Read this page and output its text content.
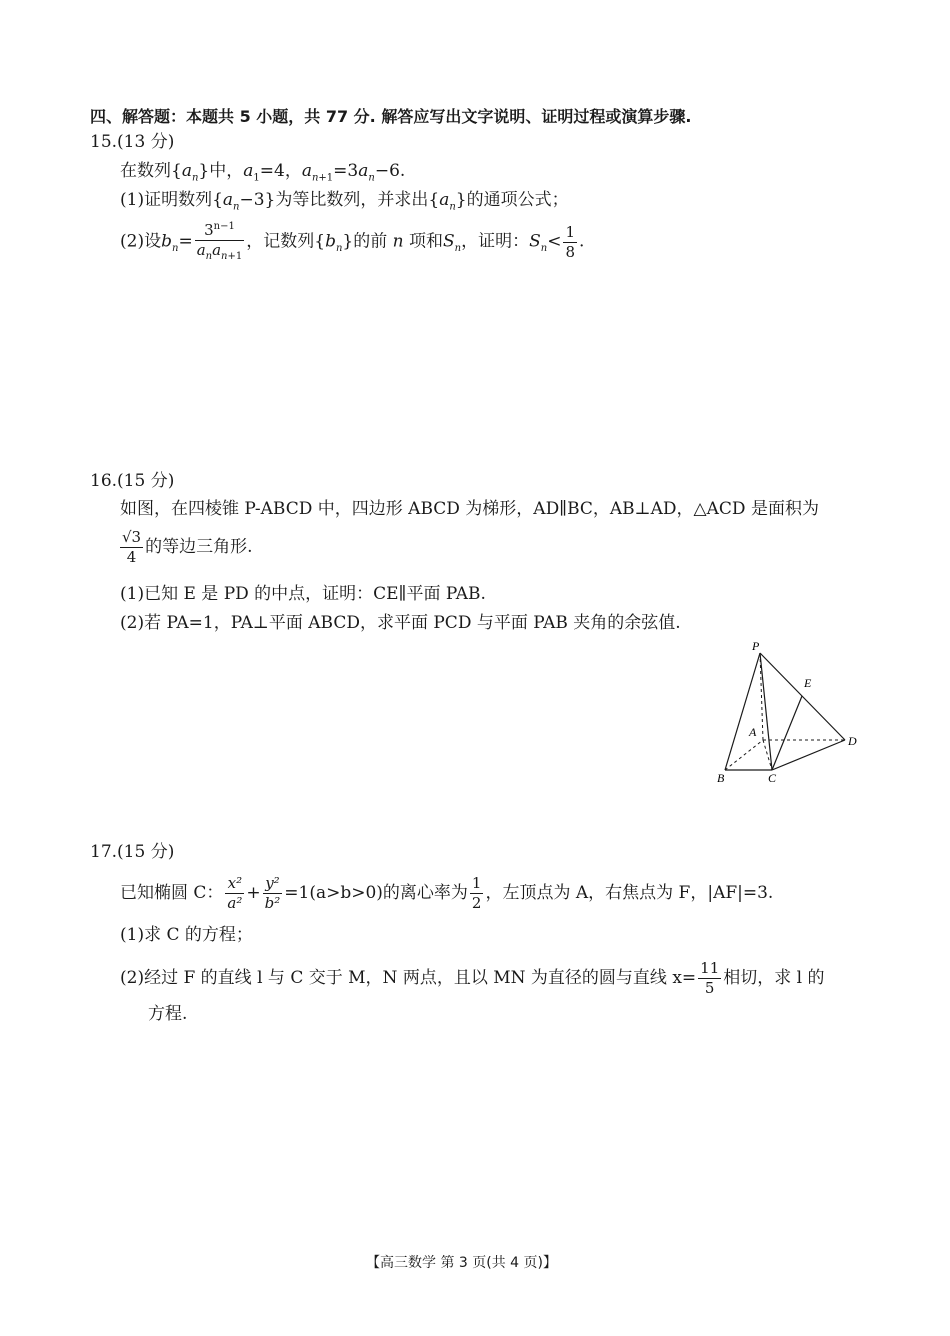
四、解答题：本题共 5 小题，共 77 分. 解答应写出文字说明、证明过程或演算步骤.
15.(13 分)
在数列$\{a_n\}$中，$a_1=4$，$a_{n+1}=3a_n-6$.
(1)证明数列$\{a_n-3\}$为等比数列，并求出$\{a_n\}$的通项公式；
(2)设$b_n= \frac{3^{n-1}}{a_na_{n+1}}$ ，记数列$\{b_n\}$的前 n 项和$S_n$，证明：$S_n< \frac{1}{8}$ .
16.(15 分)
如图，在四棱锥 P-ABCD 中，四边形 ABCD 为梯形，AD∥BC，AB⊥AD，△ACD 是面积为
$\frac{√3}{4}$ 的等边三角形.
(1)已知 E 是 PD 的中点，证明：CE∥平面 PAB.
(2)若 PA=1，PA⊥平面 ABCD，求平面 PCD 与平面 PAB 夹角的余弦值.
P
E
A
D
B	C
17.(15 分)
已知椭圆 C： $\frac{\text{x²}}{\text{a²}} + \frac{\text{y²}}{\text{b²}} =1(a>b>0)$的离心率为 $\frac{1}{2}$ ，左顶点为 A，右焦点为 F，|AF|=3.
(1)求 C 的方程；
(2)经过 F 的直线 l 与 C 交于 M，N 两点，且以 MN 为直径的圆与直线 $x= \frac{11}{5}$ 相切，求 l 的
方程.
【高三数学 第 3 页(共 4 页)】
